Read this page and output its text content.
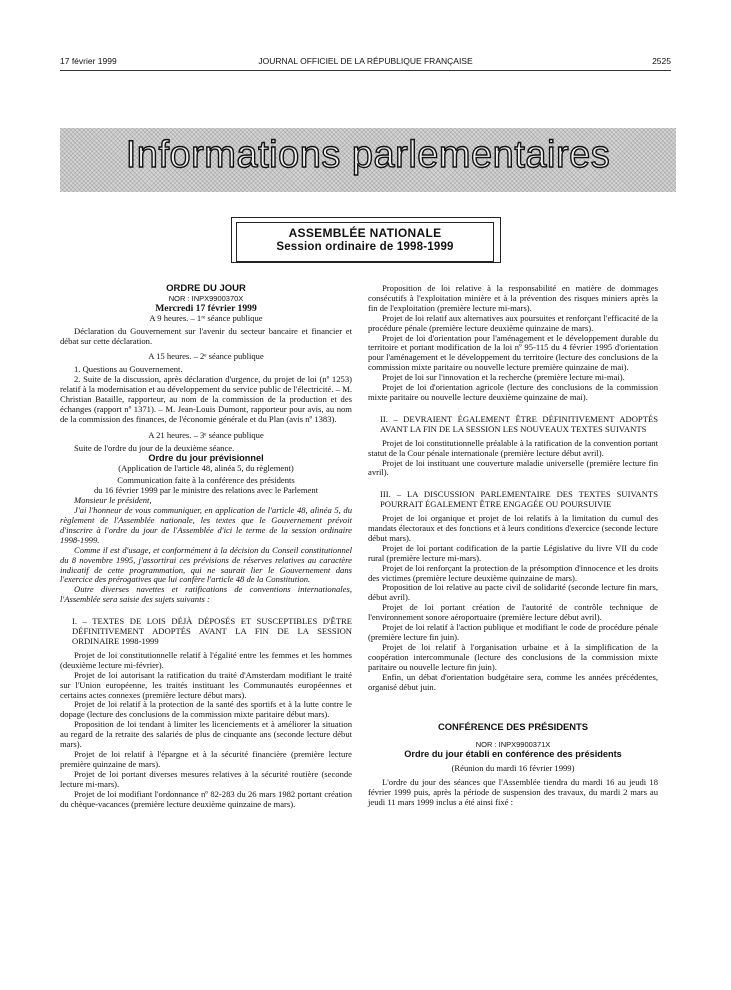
17 février 1999	JOURNAL OFFICIEL DE LA RÉPUBLIQUE FRANÇAISE	2525
Informations parlementaires
ASSEMBLÉE NATIONALE
Session ordinaire de 1998-1999

ORDRE DU JOUR

NOR : INPX9900370X

Mercredi 17 février 1999

A 9 heures. – 1ʳᵉ séance publique

Déclaration du Gouvernement sur l'avenir du secteur bancaire et financier et débat sur cette déclaration.

A 15 heures. – 2ᵉ séance publique

1. Questions au Gouvernement.

2. Suite de la discussion, après déclaration d'urgence, du projet de loi (nº 1253) relatif à la modernisation et au développement du service public de l'électricité. – M. Christian Bataille, rapporteur, au nom de la commission de la production et des échanges (rapport nº 1371). – M. Jean-Louis Dumont, rapporteur pour avis, au nom de la commission des finances, de l'économie générale et du Plan (avis nº 1383).

A 21 heures. – 3ᵉ séance publique

Suite de l'ordre du jour de la deuxième séance.

Ordre du jour prévisionnel

(Application de l'article 48, alinéa 5, du règlement)

Communication faite à la conférence des présidents

du 16 février 1999 par le ministre des relations avec le Parlement

Monsieur le président,

J'ai l'honneur de vous communiquer, en application de l'article 48, alinéa 5, du règlement de l'Assemblée nationale, les textes que le Gouvernement prévoit d'inscrire à l'ordre du jour de l'Assemblée d'ici le terme de la session ordinaire 1998-1999.

Comme il est d'usage, et conformément à la décision du Conseil constitutionnel du 8 novembre 1995, j'assortirai ces prévisions de réserves relatives au caractère indicatif de cette programmation, qui ne saurait lier le Gouvernement dans l'exercice des prérogatives que lui confère l'article 48 de la Constitution.

Outre diverses navettes et ratifications de conventions internationales, l'Assemblée sera saisie des sujets suivants :

I. – TEXTES DE LOIS DÉJÀ DÉPOSÉS ET SUSCEPTIBLES D'ÊTRE DÉFINITIVEMENT ADOPTÉS AVANT LA FIN DE LA SESSION ORDINAIRE 1998-1999

Projet de loi constitutionnelle relatif à l'égalité entre les femmes et les hommes (deuxième lecture mi-février).

Projet de loi autorisant la ratification du traité d'Amsterdam modifiant le traité sur l'Union européenne, les traités instituant les Communautés européennes et certains actes connexes (première lecture début mars).

Projet de loi relatif à la protection de la santé des sportifs et à la lutte contre le dopage (lecture des conclusions de la commission mixte paritaire début mars).

Proposition de loi tendant à limiter les licenciements et à améliorer la situation au regard de la retraite des salariés de plus de cinquante ans (seconde lecture début mars).

Projet de loi relatif à l'épargne et à la sécurité financière (première lecture première quinzaine de mars).

Projet de loi portant diverses mesures relatives à la sécurité routière (seconde lecture mi-mars).

Projet de loi modifiant l'ordonnance nº 82-283 du 26 mars 1982 portant création du chèque-vacances (première lecture deuxième quinzaine de mars).

Proposition de loi relative à la responsabilité en matière de dommages consécutifs à l'exploitation minière et à la prévention des risques miniers après la fin de l'exploitation (première lecture mi-mars).

Projet de loi relatif aux alternatives aux poursuites et renforçant l'efficacité de la procédure pénale (première lecture deuxième quinzaine de mars).

Projet de loi d'orientation pour l'aménagement et le développement durable du territoire et portant modification de la loi nº 95-115 du 4 février 1995 d'orientation pour l'aménagement et le développement du territoire (lecture des conclusions de la commission mixte paritaire ou nouvelle lecture première quinzaine de mai).

Projet de loi sur l'innovation et la recherche (première lecture mi-mai).

Projet de loi d'orientation agricole (lecture des conclusions de la commission mixte paritaire ou nouvelle lecture deuxième quinzaine de mai).

II. – DEVRAIENT ÉGALEMENT ÊTRE DÉFINITIVEMENT ADOPTÉS AVANT LA FIN DE LA SESSION LES NOUVEAUX TEXTES SUIVANTS

Projet de loi constitutionnelle préalable à la ratification de la convention portant statut de la Cour pénale internationale (première lecture début avril).

Projet de loi instituant une couverture maladie universelle (première lecture fin avril).

III. – LA DISCUSSION PARLEMENTAIRE DES TEXTES SUIVANTS POURRAIT ÉGALEMENT ÊTRE ENGAGÉE OU POURSUIVIE

Projet de loi organique et projet de loi relatifs à la limitation du cumul des mandats électoraux et des fonctions et à leurs conditions d'exercice (seconde lecture début mars).

Projet de loi portant codification de la partie Législative du livre VII du code rural (première lecture mi-mars).

Projet de loi renforçant la protection de la présomption d'innocence et les droits des victimes (première lecture deuxième quinzaine de mars).

Proposition de loi relative au pacte civil de solidarité (seconde lecture fin mars, début avril).

Projet de loi portant création de l'autorité de contrôle technique de l'environnement sonore aéroportuaire (première lecture début avril).

Projet de loi relatif à l'action publique et modifiant le code de procédure pénale (première lecture fin juin).

Projet de loi relatif à l'organisation urbaine et à la simplification de la coopération intercommunale (lecture des conclusions de la commission mixte paritaire ou nouvelle lecture fin juin).

Enfin, un débat d'orientation budgétaire sera, comme les années précédentes, organisé début juin.

CONFÉRENCE DES PRÉSIDENTS

NOR : INPX9900371X

Ordre du jour établi en conférence des présidents

(Réunion du mardi 16 février 1999)

L'ordre du jour des séances que l'Assemblée tiendra du mardi 16 au jeudi 18 février 1999 puis, après la période de suspension des travaux, du mardi 2 mars au jeudi 11 mars 1999 inclus a été ainsi fixé :
